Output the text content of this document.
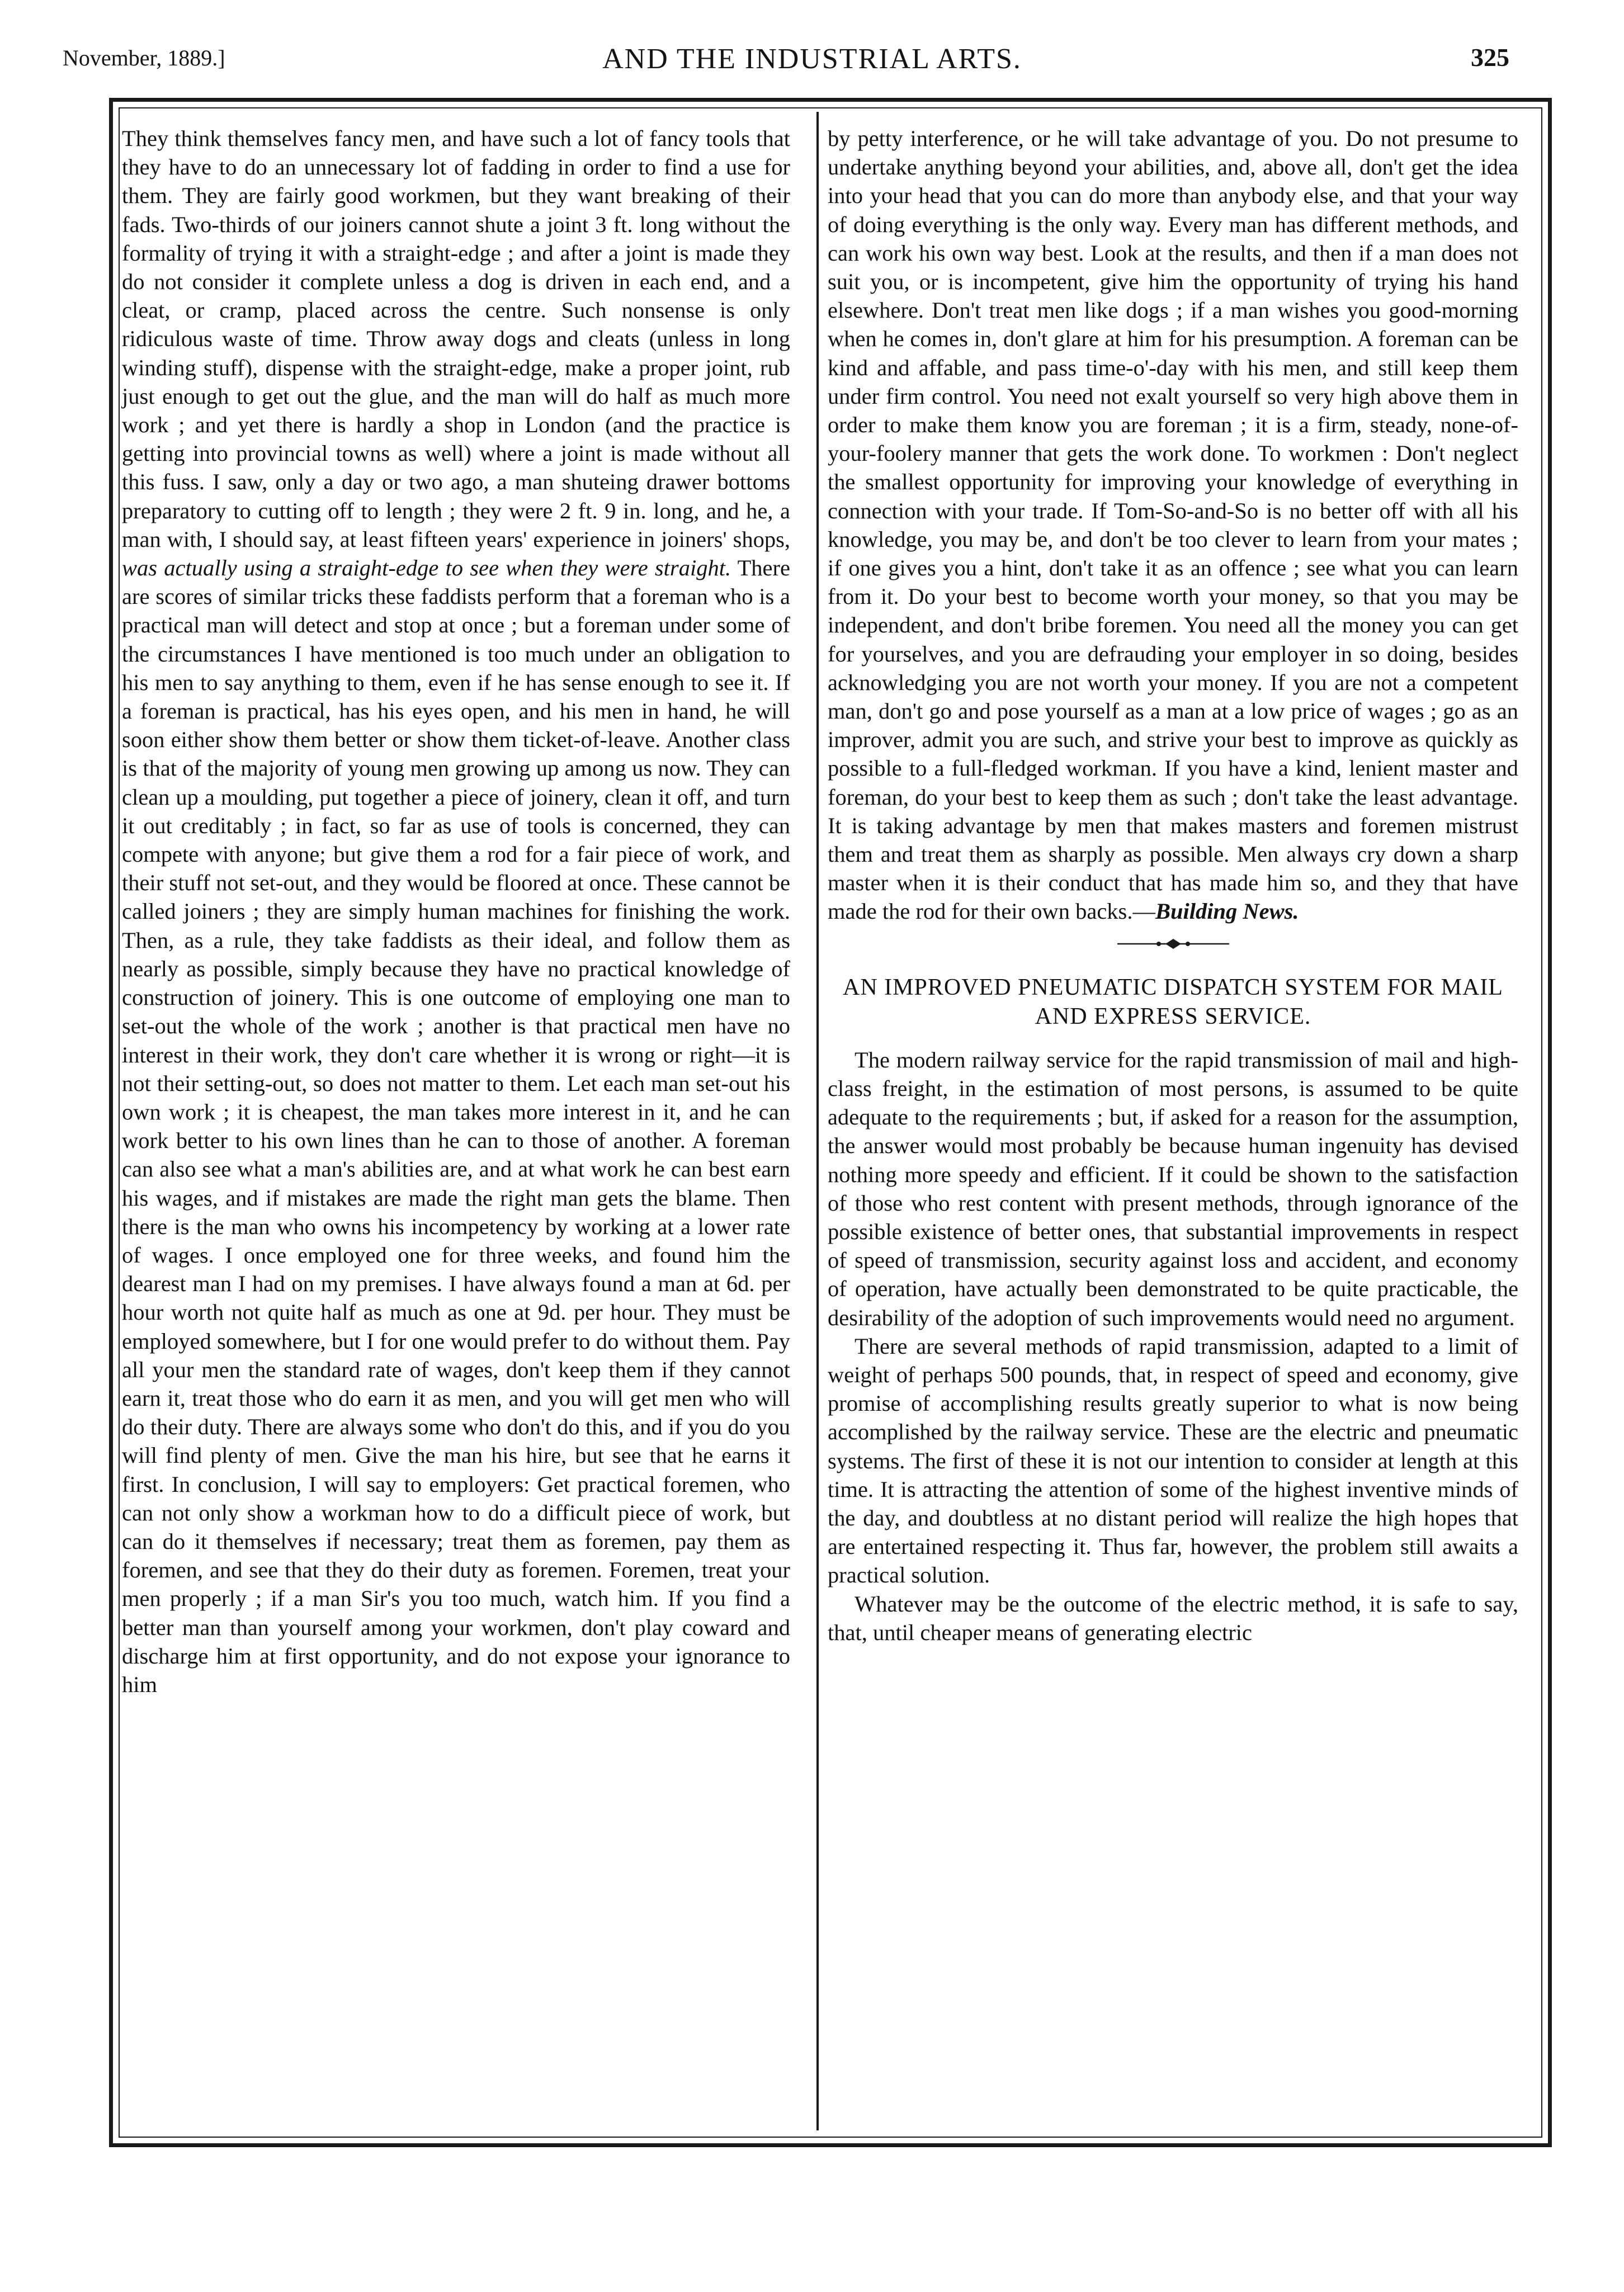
November, 1889.]	AND THE INDUSTRIAL ARTS.	325

They think themselves fancy men, and have such a lot of fancy tools that they have to do an unnecessary lot of fadding in order to find a use for them. They are fairly good workmen, but they want breaking of their fads. Two-thirds of our joiners cannot shute a joint 3 ft. long without the formality of trying it with a straight-edge ; and after a joint is made they do not consider it complete unless a dog is driven in each end, and a cleat, or cramp, placed across the centre. Such nonsense is only ridiculous waste of time. Throw away dogs and cleats (unless in long winding stuff), dispense with the straight-edge, make a proper joint, rub just enough to get out the glue, and the man will do half as much more work ; and yet there is hardly a shop in London (and the practice is getting into provincial towns as well) where a joint is made without all this fuss. I saw, only a day or two ago, a man shuteing drawer bottoms preparatory to cutting off to length ; they were 2 ft. 9 in. long, and he, a man with, I should say, at least fifteen years' experience in joiners' shops, was actually using a straight-edge to see when they were straight. There are scores of similar tricks these faddists perform that a foreman who is a practical man will detect and stop at once ; but a foreman under some of the circumstances I have mentioned is too much under an obligation to his men to say anything to them, even if he has sense enough to see it. If a foreman is practical, has his eyes open, and his men in hand, he will soon either show them better or show them ticket-of-leave. Another class is that of the majority of young men growing up among us now. They can clean up a moulding, put together a piece of joinery, clean it off, and turn it out creditably ; in fact, so far as use of tools is concerned, they can compete with anyone; but give them a rod for a fair piece of work, and their stuff not set-out, and they would be floored at once. These cannot be called joiners ; they are simply human machines for finishing the work. Then, as a rule, they take faddists as their ideal, and follow them as nearly as possible, simply because they have no practical knowledge of construction of joinery. This is one outcome of employing one man to set-out the whole of the work ; another is that practical men have no interest in their work, they don't care whether it is wrong or right—it is not their setting-out, so does not matter to them. Let each man set-out his own work ; it is cheapest, the man takes more interest in it, and he can work better to his own lines than he can to those of another. A foreman can also see what a man's abilities are, and at what work he can best earn his wages, and if mistakes are made the right man gets the blame. Then there is the man who owns his incompetency by working at a lower rate of wages. I once employed one for three weeks, and found him the dearest man I had on my premises. I have always found a man at 6d. per hour worth not quite half as much as one at 9d. per hour. They must be employed somewhere, but I for one would prefer to do without them. Pay all your men the standard rate of wages, don't keep them if they cannot earn it, treat those who do earn it as men, and you will get men who will do their duty. There are always some who don't do this, and if you do you will find plenty of men. Give the man his hire, but see that he earns it first. In conclusion, I will say to employers: Get practical foremen, who can not only show a workman how to do a difficult piece of work, but can do it themselves if necessary; treat them as foremen, pay them as foremen, and see that they do their duty as foremen. Foremen, treat your men properly ; if a man Sir's you too much, watch him. If you find a better man than yourself among your workmen, don't play coward and discharge him at first opportunity, and do not expose your ignorance to him

by petty interference, or he will take advantage of you. Do not presume to undertake anything beyond your abilities, and, above all, don't get the idea into your head that you can do more than anybody else, and that your way of doing everything is the only way. Every man has different methods, and can work his own way best. Look at the results, and then if a man does not suit you, or is incompetent, give him the opportunity of trying his hand elsewhere. Don't treat men like dogs ; if a man wishes you good-morning when he comes in, don't glare at him for his presumption. A foreman can be kind and affable, and pass time-o'-day with his men, and still keep them under firm control. You need not exalt yourself so very high above them in order to make them know you are foreman ; it is a firm, steady, none-of-your-foolery manner that gets the work done. To workmen : Don't neglect the smallest opportunity for improving your knowledge of everything in connection with your trade. If Tom-So-and-So is no better off with all his knowledge, you may be, and don't be too clever to learn from your mates ; if one gives you a hint, don't take it as an offence ; see what you can learn from it. Do your best to become worth your money, so that you may be independent, and don't bribe foremen. You need all the money you can get for yourselves, and you are defrauding your employer in so doing, besides acknowledging you are not worth your money. If you are not a competent man, don't go and pose yourself as a man at a low price of wages ; go as an improver, admit you are such, and strive your best to improve as quickly as possible to a full-fledged workman. If you have a kind, lenient master and foreman, do your best to keep them as such ; don't take the least advantage. It is taking advantage by men that makes masters and foremen mistrust them and treat them as sharply as possible. Men always cry down a sharp master when it is their conduct that has made him so, and they that have made the rod for their own backs.—Building News.

AN IMPROVED PNEUMATIC DISPATCH SYSTEM FOR MAIL AND EXPRESS SERVICE.

The modern railway service for the rapid transmission of mail and high-class freight, in the estimation of most persons, is assumed to be quite adequate to the requirements ; but, if asked for a reason for the assumption, the answer would most probably be because human ingenuity has devised nothing more speedy and efficient. If it could be shown to the satisfaction of those who rest content with present methods, through ignorance of the possible existence of better ones, that substantial improvements in respect of speed of transmission, security against loss and accident, and economy of operation, have actually been demonstrated to be quite practicable, the desirability of the adoption of such improvements would need no argument.

There are several methods of rapid transmission, adapted to a limit of weight of perhaps 500 pounds, that, in respect of speed and economy, give promise of accomplishing results greatly superior to what is now being accomplished by the railway service. These are the electric and pneumatic systems. The first of these it is not our intention to consider at length at this time. It is attracting the attention of some of the highest inventive minds of the day, and doubtless at no distant period will realize the high hopes that are entertained respecting it. Thus far, however, the problem still awaits a practical solution.

Whatever may be the outcome of the electric method, it is safe to say, that, until cheaper means of generating electric
